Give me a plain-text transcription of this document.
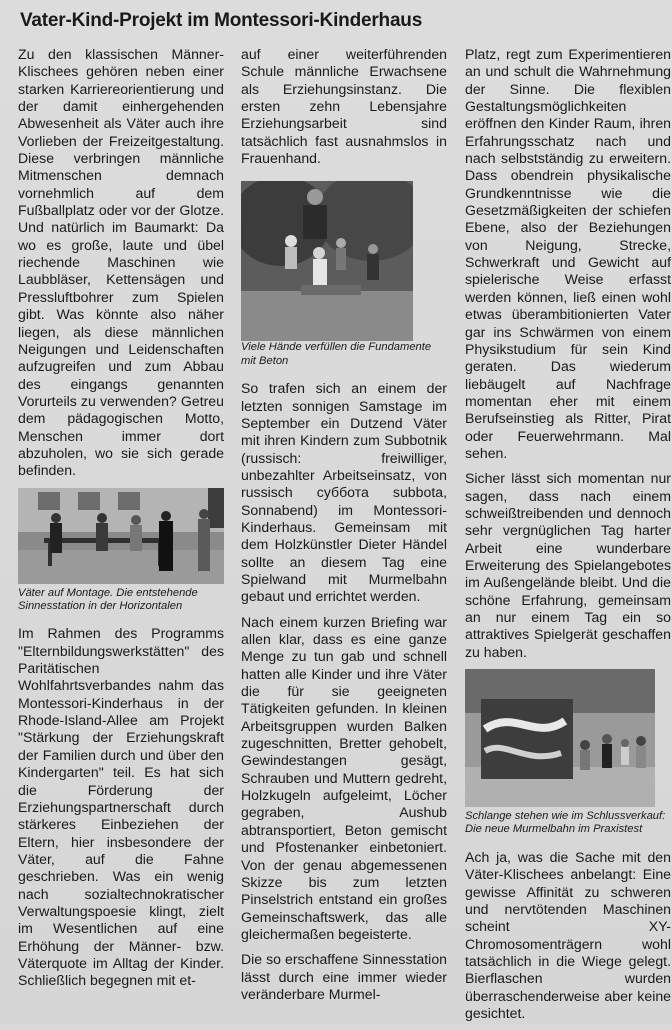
Vater-Kind-Projekt im Montessori-Kinderhaus

Zu den klassischen Männer-Klischees gehören neben einer starken Karriereorientierung und der damit einhergehenden Abwesenheit als Väter auch ihre Vorlieben der Freizeitgestaltung. Diese verbringen männliche Mitmenschen demnach vornehmlich auf dem Fußballplatz oder vor der Glotze. Und natürlich im Baumarkt: Da wo es große, laute und übel riechende Maschinen wie Laubbläser, Kettensägen und Pressluftbohrer zum Spielen gibt. Was könnte also näher liegen, als diese männlichen Neigungen und Leidenschaften aufzugreifen und zum Abbau des eingangs genannten Vorurteils zu verwenden? Getreu dem pädagogischen Motto, Menschen immer dort abzuholen, wo sie sich gerade befinden.

Väter auf Montage. Die entstehende Sinnesstation in der Horizontalen

Im Rahmen des Programms "Elternbildungswerkstätten" des Paritätischen Wohlfahrtsverbandes nahm das Montessori-Kinderhaus in der Rhode-Island-Allee am Projekt "Stärkung der Erziehungskraft der Familien durch und über den Kindergarten" teil. Es hat sich die Förderung der Erziehungspartnerschaft durch stärkeres Einbeziehen der Eltern, hier insbesondere der Väter, auf die Fahne geschrieben. Was ein wenig nach sozialtechnokratischer Verwaltungspoesie klingt, zielt im Wesentlichen auf eine Erhöhung der Männer- bzw. Väterquote im Alltag der Kinder. Schließlich begegnen mit et-

auf einer weiterführenden Schule männliche Erwachsene als Erziehungsinstanz. Die ersten zehn Lebensjahre Erziehungsarbeit sind tatsächlich fast ausnahmslos in Frauenhand.

Viele Hände verfüllen die Fundamente mit Beton

So trafen sich an einem der letzten sonnigen Samstage im September ein Dutzend Väter mit ihren Kindern zum Subbotnik (russisch: freiwilliger, unbezahlter Arbeitseinsatz, von russisch суббота subbota, Sonnabend) im Montessori-Kinderhaus. Gemeinsam mit dem Holzkünstler Dieter Händel sollte an diesem Tag eine Spielwand mit Murmelbahn gebaut und errichtet werden.

Nach einem kurzen Briefing war allen klar, dass es eine ganze Menge zu tun gab und schnell hatten alle Kinder und ihre Väter die für sie geeigneten Tätigkeiten gefunden. In kleinen Arbeitsgruppen wurden Balken zugeschnitten, Bretter gehobelt, Gewindestangen gesägt, Schrauben und Muttern gedreht, Holzkugeln aufgeleimt, Löcher gegraben, Aushub abtransportiert, Beton gemischt und Pfostenanker einbetoniert. Von der genau abgemessenen Skizze bis zum letzten Pinselstrich entstand ein großes Gemeinschaftswerk, das alle gleichermaßen begeisterte.

Die so erschaffene Sinnesstation lässt durch eine immer wieder veränderbare Murmel-

Platz, regt zum Experimentieren an und schult die Wahrnehmung der Sinne. Die flexiblen Gestaltungsmöglichkeiten eröffnen den Kinder Raum, ihren Erfahrungsschatz nach und nach selbstständig zu erweitern. Dass obendrein physikalische Grundkenntnisse wie die Gesetzmäßigkeiten der schiefen Ebene, also der Beziehungen von Neigung, Strecke, Schwerkraft und Gewicht auf spielerische Weise erfasst werden können, ließ einen wohl etwas überambitionierten Vater gar ins Schwärmen von einem Physikstudium für sein Kind geraten. Das wiederum liebäugelt auf Nachfrage momentan eher mit einem Berufseinstieg als Ritter, Pirat oder Feuerwehrmann. Mal sehen.

Sicher lässt sich momentan nur sagen, dass nach einem schweißtreibenden und dennoch sehr vergnüglichen Tag harter Arbeit eine wunderbare Erweiterung des Spielangebotes im Außengelände bleibt. Und die schöne Erfahrung, gemeinsam an nur einem Tag ein so attraktives Spielgerät geschaffen zu haben.

Schlange stehen wie im Schlussverkauf: Die neue Murmelbahn im Praxistest

Ach ja, was die Sache mit den Väter-Klischees anbelangt: Eine gewisse Affinität zu schweren und nervtötenden Maschinen scheint XY-Chromosomenträgern wohl tatsächlich in die Wiege gelegt. Bierflaschen wurden überraschenderweise aber keine gesichtet.
